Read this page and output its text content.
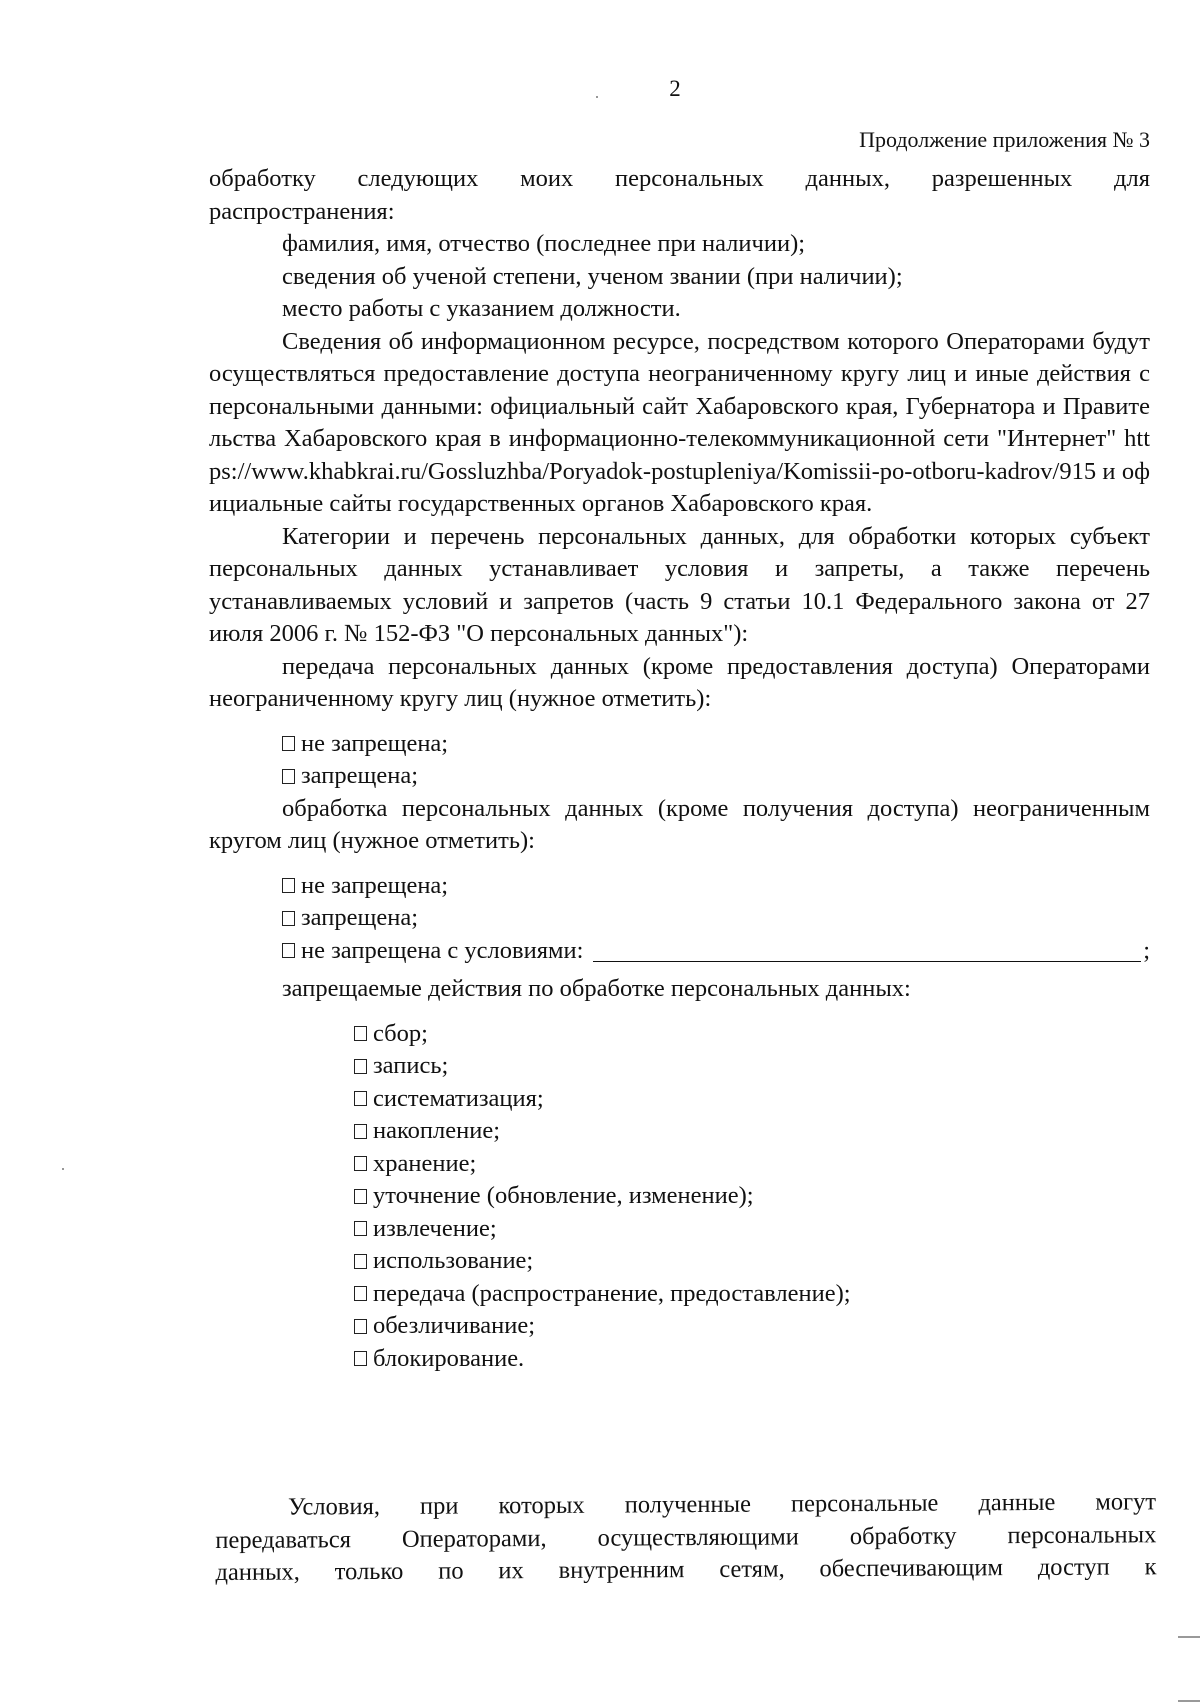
2
Продолжение приложения № 3

обработку следующих моих персональных данных, разрешенных для

распространения:

фамилия, имя, отчество (последнее при наличии);

сведения об ученой степени, ученом звании (при наличии);

место работы с указанием должности.

Сведения об информационном ресурсе, посредством которого Операторами будут осуществляться предоставление доступа неограниченному кругу лиц и иные действия с персональными данными: официальный сайт Хабаровского края, Губернатора и Правительства Хабаровского края в информационно-телекоммуникационной сети "Интернет" https://www.khabkrai.ru/Gossluzhba/Poryadok-postupleniya/Komissii-po-otboru-kadrov/915 и официальные сайты государственных органов Хабаровского края.

Категории и перечень персональных данных, для обработки которых субъект персональных данных устанавливает условия и запреты, а также перечень устанавливаемых условий и запретов (часть 9 статьи 10.1 Федерального закона от 27 июля 2006 г. № 152-ФЗ "О персональных данных"):

передача персональных данных (кроме предоставления доступа) Операторами неограниченному кругу лиц (нужное отметить):

не запрещена;

запрещена;

обработка персональных данных (кроме получения доступа) неограниченным кругом лиц (нужное отметить):

не запрещена;

запрещена;

не запрещена с условиями:	;

запрещаемые действия по обработке персональных данных:

сбор;

запись;

систематизация;

накопление;

хранение;

уточнение (обновление, изменение);

извлечение;

использование;

передача (распространение, предоставление);

обезличивание;

блокирование.

Условия, при которых полученные персональные данные могут

передаваться Операторами, осуществляющими обработку персональных

данных, только по их внутренним сетям, обеспечивающим доступ к
